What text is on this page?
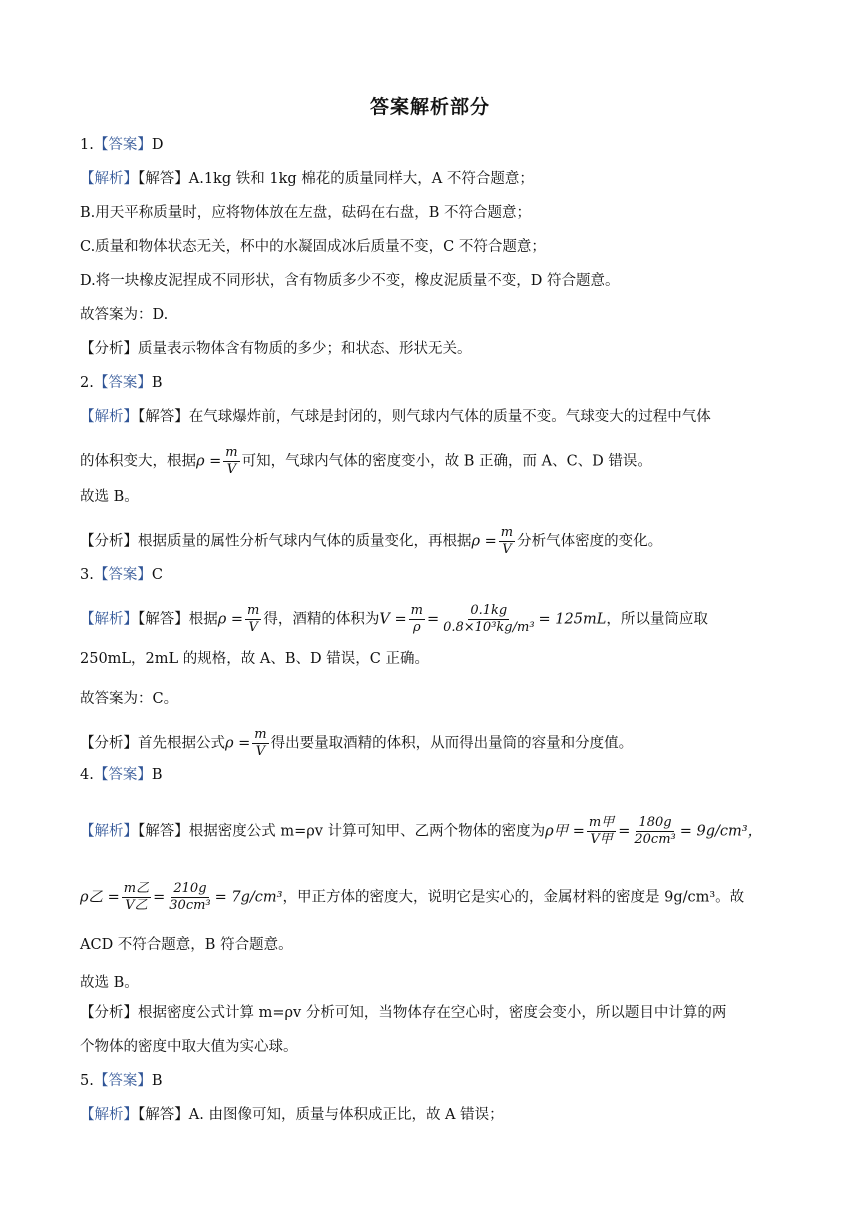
答案解析部分
1.【答案】D
【解析】【解答】A.1kg 铁和 1kg 棉花的质量同样大，A 不符合题意；
B.用天平称质量时，应将物体放在左盘，砝码在右盘，B 不符合题意；
C.质量和物体状态无关，杯中的水凝固成冰后质量不变，C 不符合题意；
D.将一块橡皮泥捏成不同形状，含有物质多少不变，橡皮泥质量不变，D 符合题意。
故答案为：D.
【分析】质量表示物体含有物质的多少；和状态、形状无关。
2.【答案】B
【解析】【解答】在气球爆炸前，气球是封闭的，则气球内气体的质量不变。气球变大的过程中气体
的体积变大，根据$\rho = \frac{m}{V}$ 可知，气球内气体的密度变小，故 B 正确，而 A、C、D 错误。
故选 B。
【分析】根据质量的属性分析气球内气体的质量变化，再根据$\rho = \frac{m}{V}$ 分析气体密度的变化。
3.【答案】C
【解析】【解答】根据$\rho = \frac{m}{V}$ 得，酒精的体积为$V = \frac{m}{\rho} = \frac{0.1kg}{\text{0.8×10³kg/m³}} = 125mL$，所以量筒应取
250mL，2mL 的规格，故 A、B、D 错误，C 正确。
故答案为：C。
【分析】首先根据公式$\rho = \frac{m}{V}$ 得出要量取酒精的体积，从而得出量筒的容量和分度值。
4.【答案】B
【解析】【解答】根据密度公式 m=ρv 计算可知甲、乙两个物体的密度为ρ甲 = $\frac{\text{m甲}}{\text{V甲}} = \frac{180g}{\text{20cm³}} = 9g/cm^3$，
ρ乙 = $\frac{\text{m乙}}{\text{V乙}} = \frac{210g}{\text{30cm³}} = 7g/cm^3$，甲正方体的密度大，说明它是实心的，金属材料的密度是 9g/cm³。故
ACD 不符合题意，B 符合题意。
故选 B。
【分析】根据密度公式计算 m=ρv 分析可知，当物体存在空心时，密度会变小，所以题目中计算的两
个物体的密度中取大值为实心球。
5.【答案】B
【解析】【解答】A. 由图像可知，质量与体积成正比，故 A 错误；
